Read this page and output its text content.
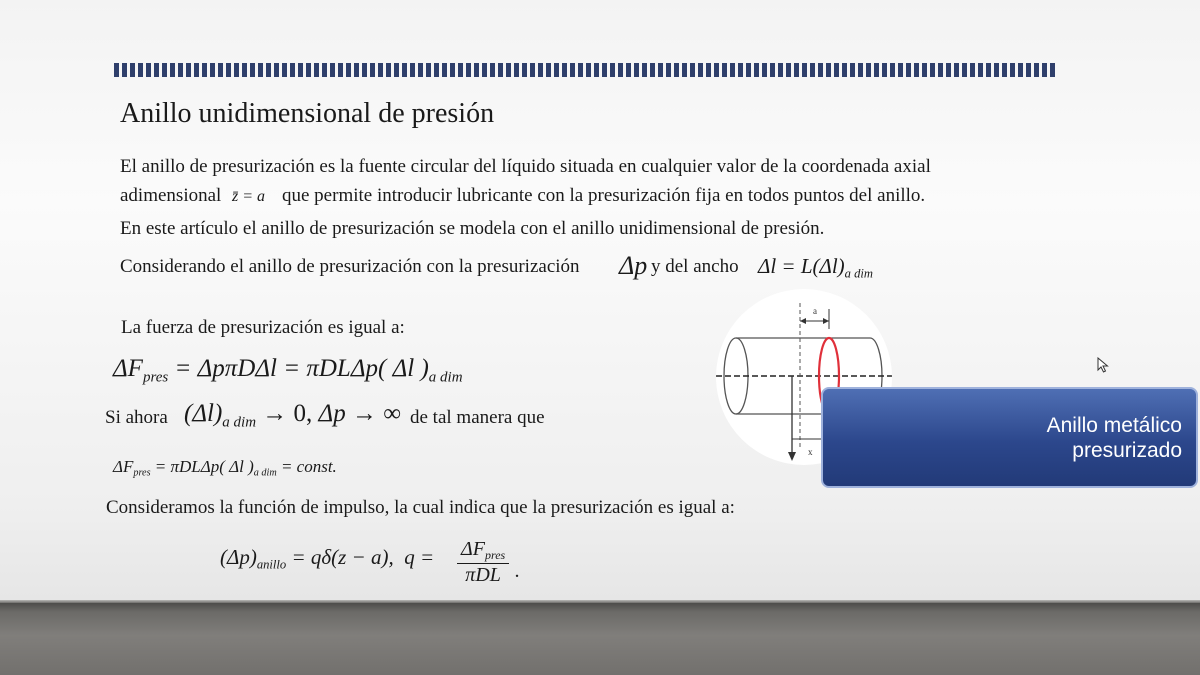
Anillo unidimensional de presión
El anillo de presurización es la fuente circular del líquido situada en cualquier valor de la coordenada axial
adimensional z̄ = a que permite introducir lubricante con la presurización fija en todos puntos del anillo.
En este artículo el anillo de presurización se modela con el anillo unidimensional de presión.
Considerando el anillo de presurización con la presurización Δp y del ancho $\Delta l = L(\Delta l)_{a dim}$
La fuerza de presurización es igual a:
$\Delta F_{pres} = \Delta p\pi D\Delta l = \pi DL\Delta p$( Δl )$_{a dim}$
Si ahora $(\Delta l)_{a dim} \to 0$, Δp → ∞ de tal manera que
$\Delta F_{pres} = \pi DL\Delta p$( Δl )$_{a dim}$ = const.
Consideramos la función de impulso, la cual indica que la presurización es igual a:
$(\Delta p)_{anillo} = q\delta(z - a)$,  $q = \Delta F_{pres}$
πDL .
a
x
Anillo metálico
presurizado
